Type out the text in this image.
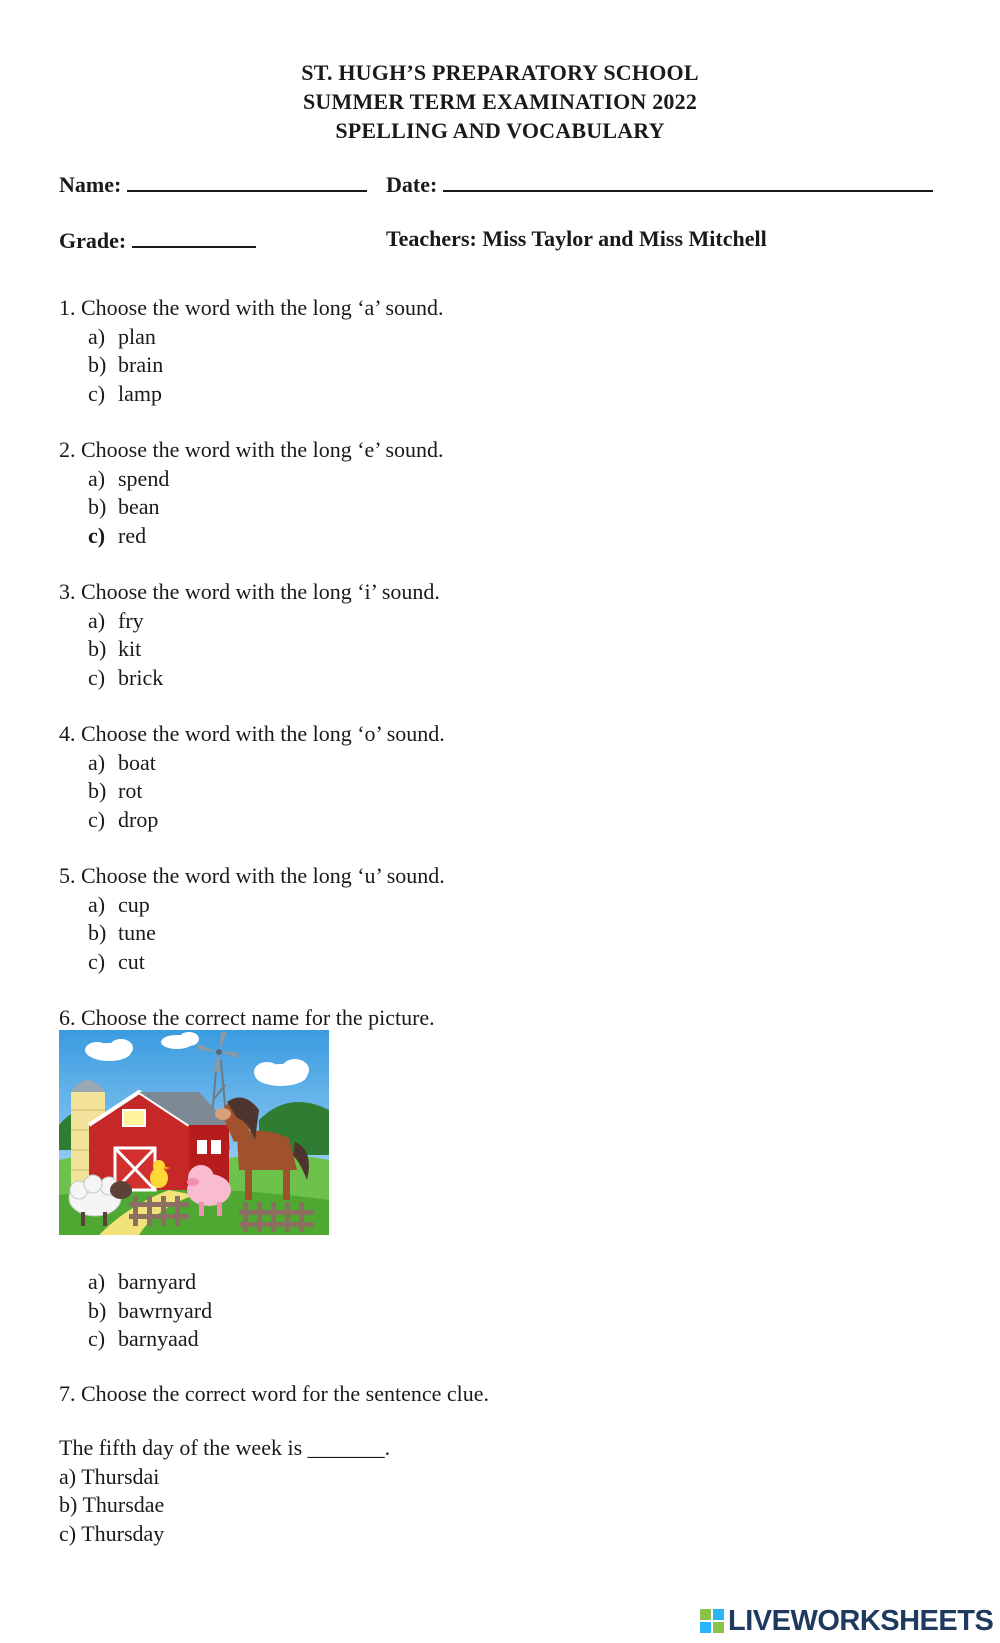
ST. HUGH’S PREPARATORY SCHOOL
SUMMER TERM EXAMINATION 2022
SPELLING AND VOCABULARY
Name:	Date:
Grade:	Teachers: Miss Taylor and Miss Mitchell
1. Choose the word with the long ‘a’ sound.
a) plan
b) brain
c) lamp
2. Choose the word with the long ‘e’ sound.
a) spend
b) bean
c) red
3. Choose the word with the long ‘i’ sound.
a) fry
b) kit
c) brick
4. Choose the word with the long ‘o’ sound.
a) boat
b) rot
c) drop
5. Choose the word with the long ‘u’ sound.
a) cup
b) tune
c) cut
6. Choose the correct name for the picture.
a) barnyard
b) bawrnyard
c) barnyaad
7. Choose the correct word for the sentence clue.
The fifth day of the week is _______.
a) Thursdai
b) Thursdae
c) Thursday
LIVEWORKSHEETS
